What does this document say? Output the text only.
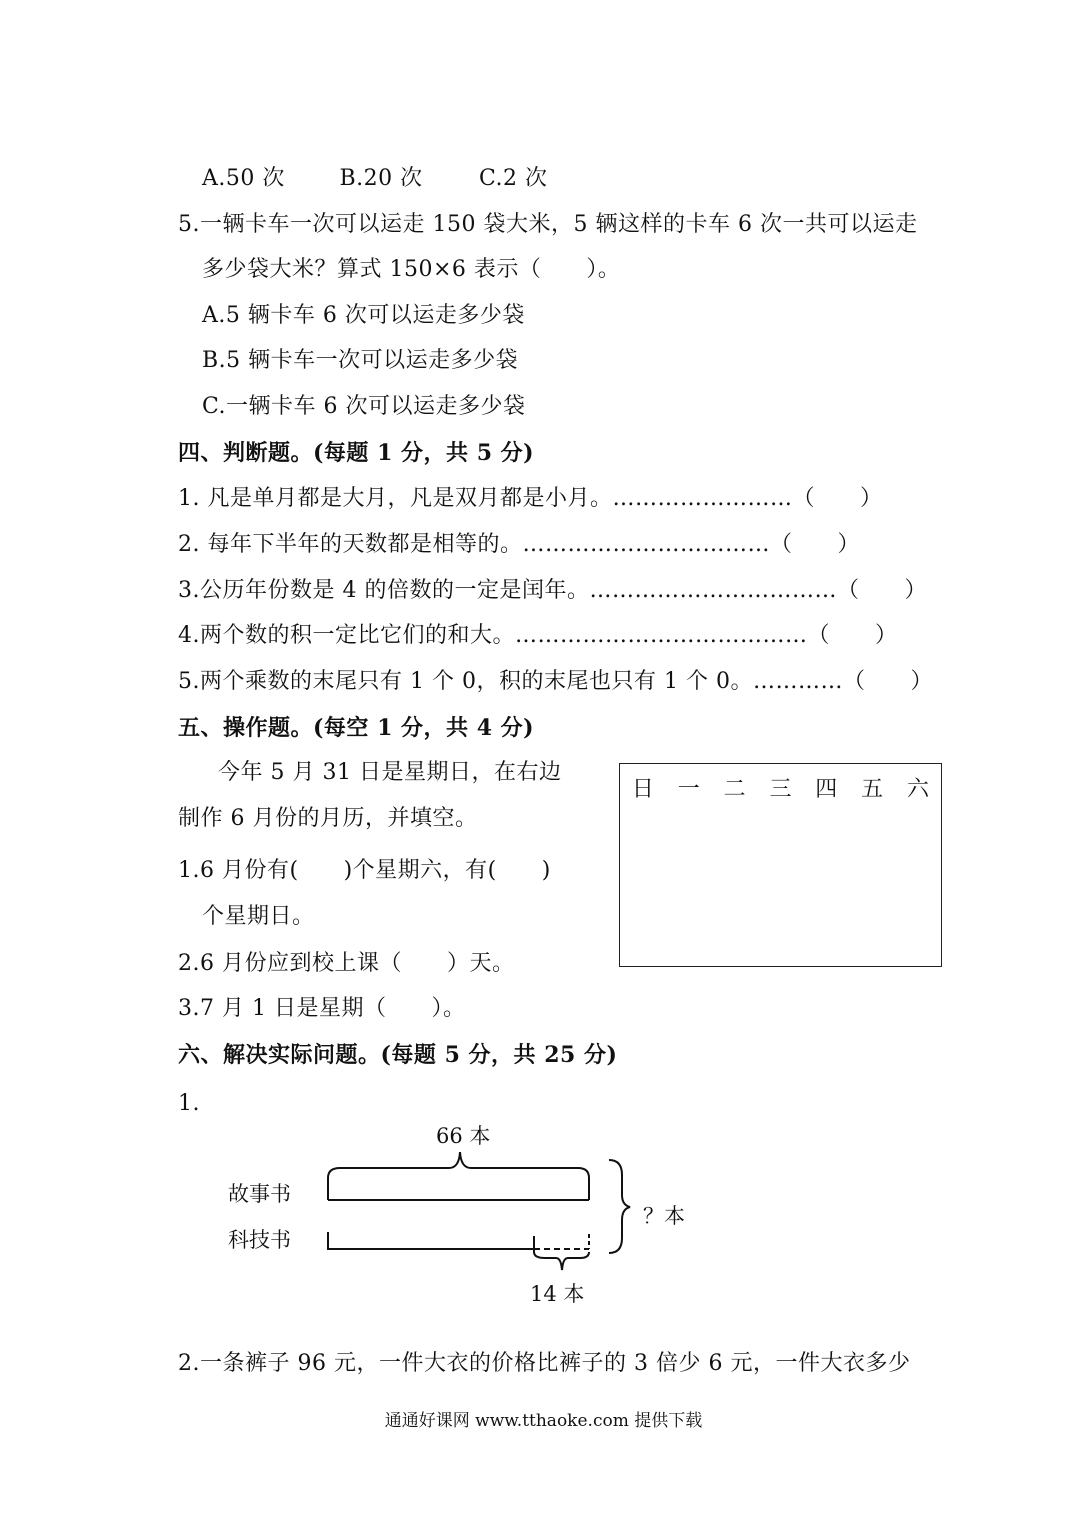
A.50 次 B.20 次	C.2 次
5.一辆卡车一次可以运走 150 袋大米，5 辆这样的卡车 6 次一共可以运走
多少袋大米？算式 150×6 表示（　　）。
A.5 辆卡车 6 次可以运走多少袋
B.5 辆卡车一次可以运走多少袋
C.一辆卡车 6 次可以运走多少袋
四、判断题。(每题 1 分，共 5 分)
1. 凡是单月都是大月，凡是双月都是小月。……………………（　　）
2. 每年下半年的天数都是相等的。……………………………（　　）
3.公历年份数是 4 的倍数的一定是闰年。……………………………（　　）
4.两个数的积一定比它们的和大。…………………………………（　　）
5.两个乘数的末尾只有 1 个 0，积的末尾也只有 1 个 0。…………（　　）
五、操作题。(每空 1 分，共 4 分)
今年 5 月 31 日是星期日，在右边
制作 6 月份的月历，并填空。
1.6 月份有(　　)个星期六，有(　　)
个星期日。
2.6 月份应到校上课（　　）天。
3.7 月 1 日是星期（　　）。
日 一 二 三 四 五 六
六、解决实际问题。(每题 5 分，共 25 分)
1.
66 本
故事书
科技书
？本
14 本
2.一条裤子 96 元，一件大衣的价格比裤子的 3 倍少 6 元，一件大衣多少
通通好课网 www.tthaoke.com 提供下载
